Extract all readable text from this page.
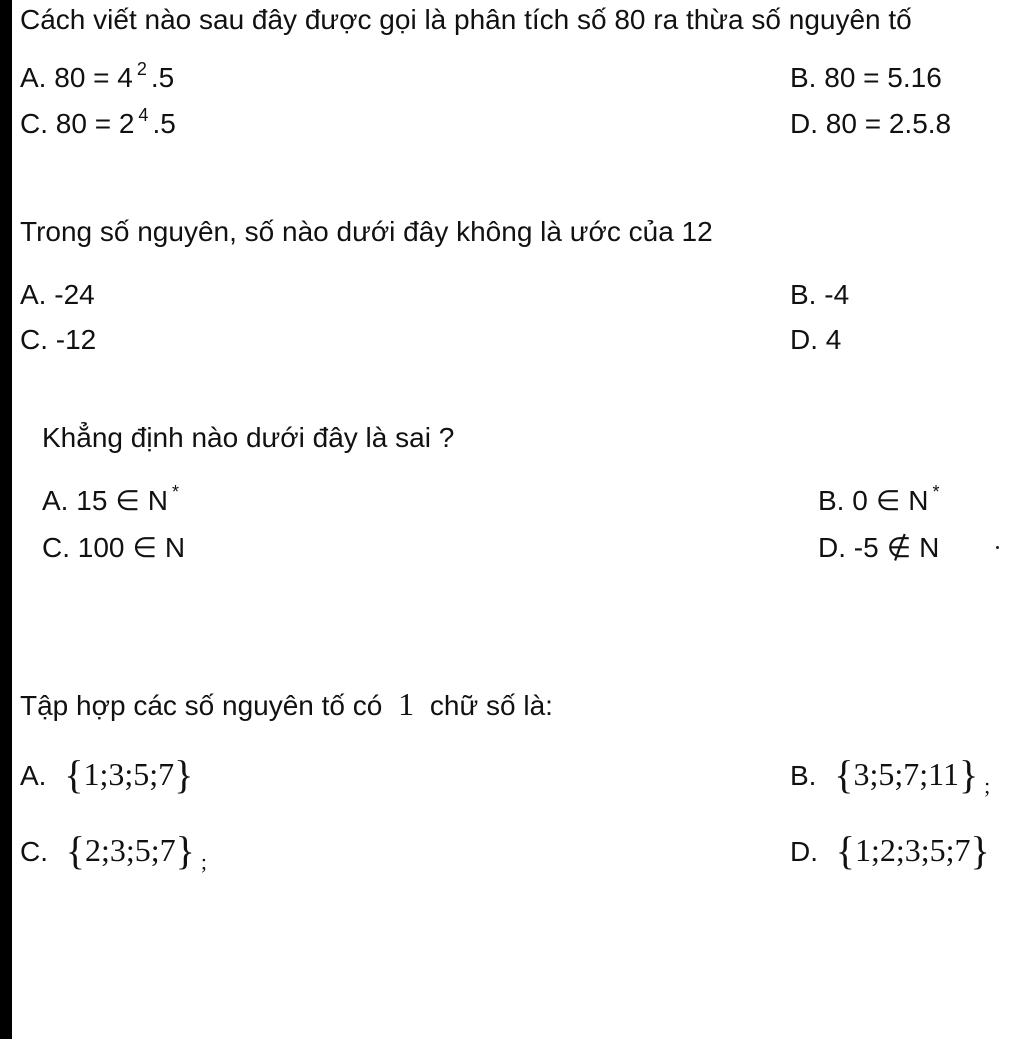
Cách viết nào sau đây được gọi là phân tích số 80 ra thừa số nguyên tố
A. 80 = 4 $^2$ .5	B. 80 = 5.16
C. 80 = 2 $^4$ .5	D. 80 = 2.5.8
Trong số nguyên, số nào dưới đây không là ước của 12
A. -24	B. -4
C. -12	D. 4
Khẳng định nào dưới đây là sai ?
A. 15 ∈ N *	B. 0 ∈ N *
C. 100 ∈ N	D. -5 ∉ N
Tập hợp các số nguyên tố có 1 chữ số là:
A. {1;3;5;7}	B. {3;5;7;11} $_;$
C. {2;3;5;7} $_;$	D. {1;2;3;5;7}
